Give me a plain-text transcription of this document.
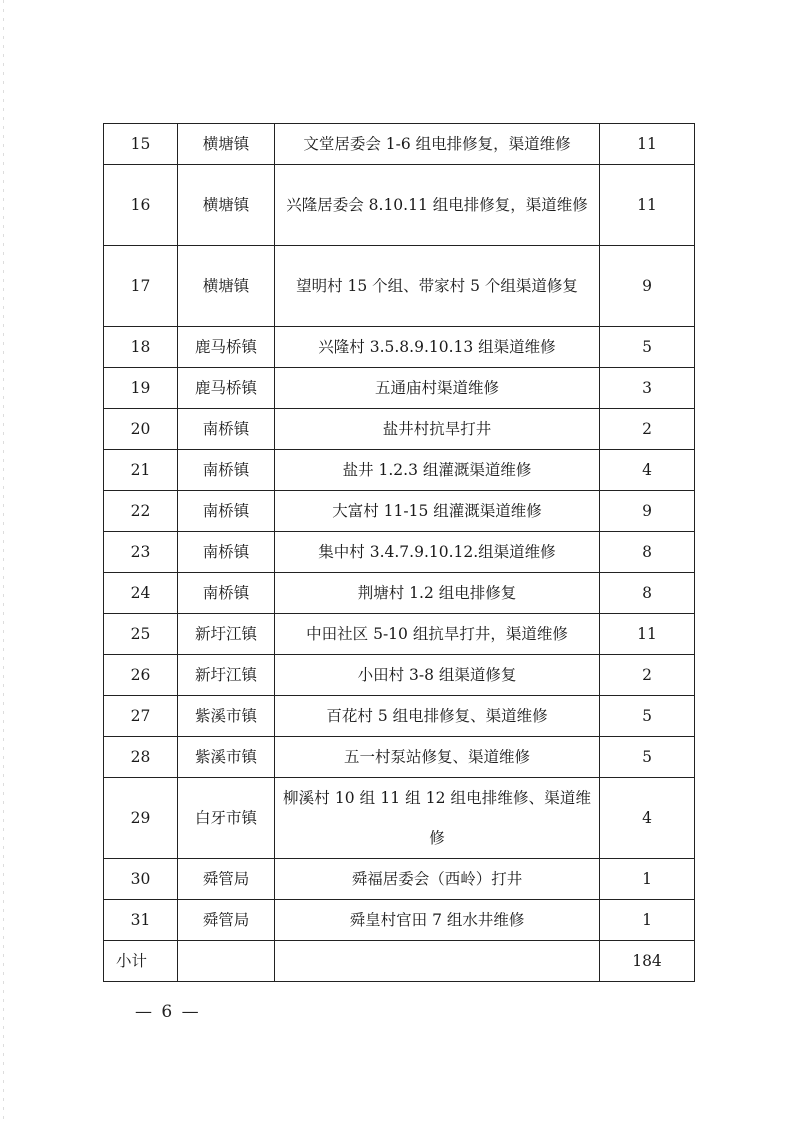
15	横塘镇	文堂居委会 1-6 组电排修复，渠道维修	11
16	横塘镇	兴隆居委会 8.10.11 组电排修复，渠道维修	11
17	横塘镇	望明村 15 个组、带家村 5 个组渠道修复	9
18	鹿马桥镇	兴隆村 3.5.8.9.10.13 组渠道维修	5
19	鹿马桥镇	五通庙村渠道维修	3
20	南桥镇	盐井村抗旱打井	2
21	南桥镇	盐井 1.2.3 组灌溉渠道维修	4
22	南桥镇	大富村 11-15 组灌溉渠道维修	9
23	南桥镇	集中村 3.4.7.9.10.12.组渠道维修	8
24	南桥镇	荆塘村 1.2 组电排修复	8
25	新圩江镇	中田社区 5-10 组抗旱打井，渠道维修	11
26	新圩江镇	小田村 3-8 组渠道修复	2
27	紫溪市镇	百花村 5 组电排修复、渠道维修	5
28	紫溪市镇	五一村泵站修复、渠道维修	5
29	白牙市镇	柳溪村 10 组 11 组 12 组电排维修、渠道维修	4
30	舜管局	舜福居委会（西岭）打井	1
31	舜管局	舜皇村官田 7 组水井维修	1
小计			184
— 6 —
